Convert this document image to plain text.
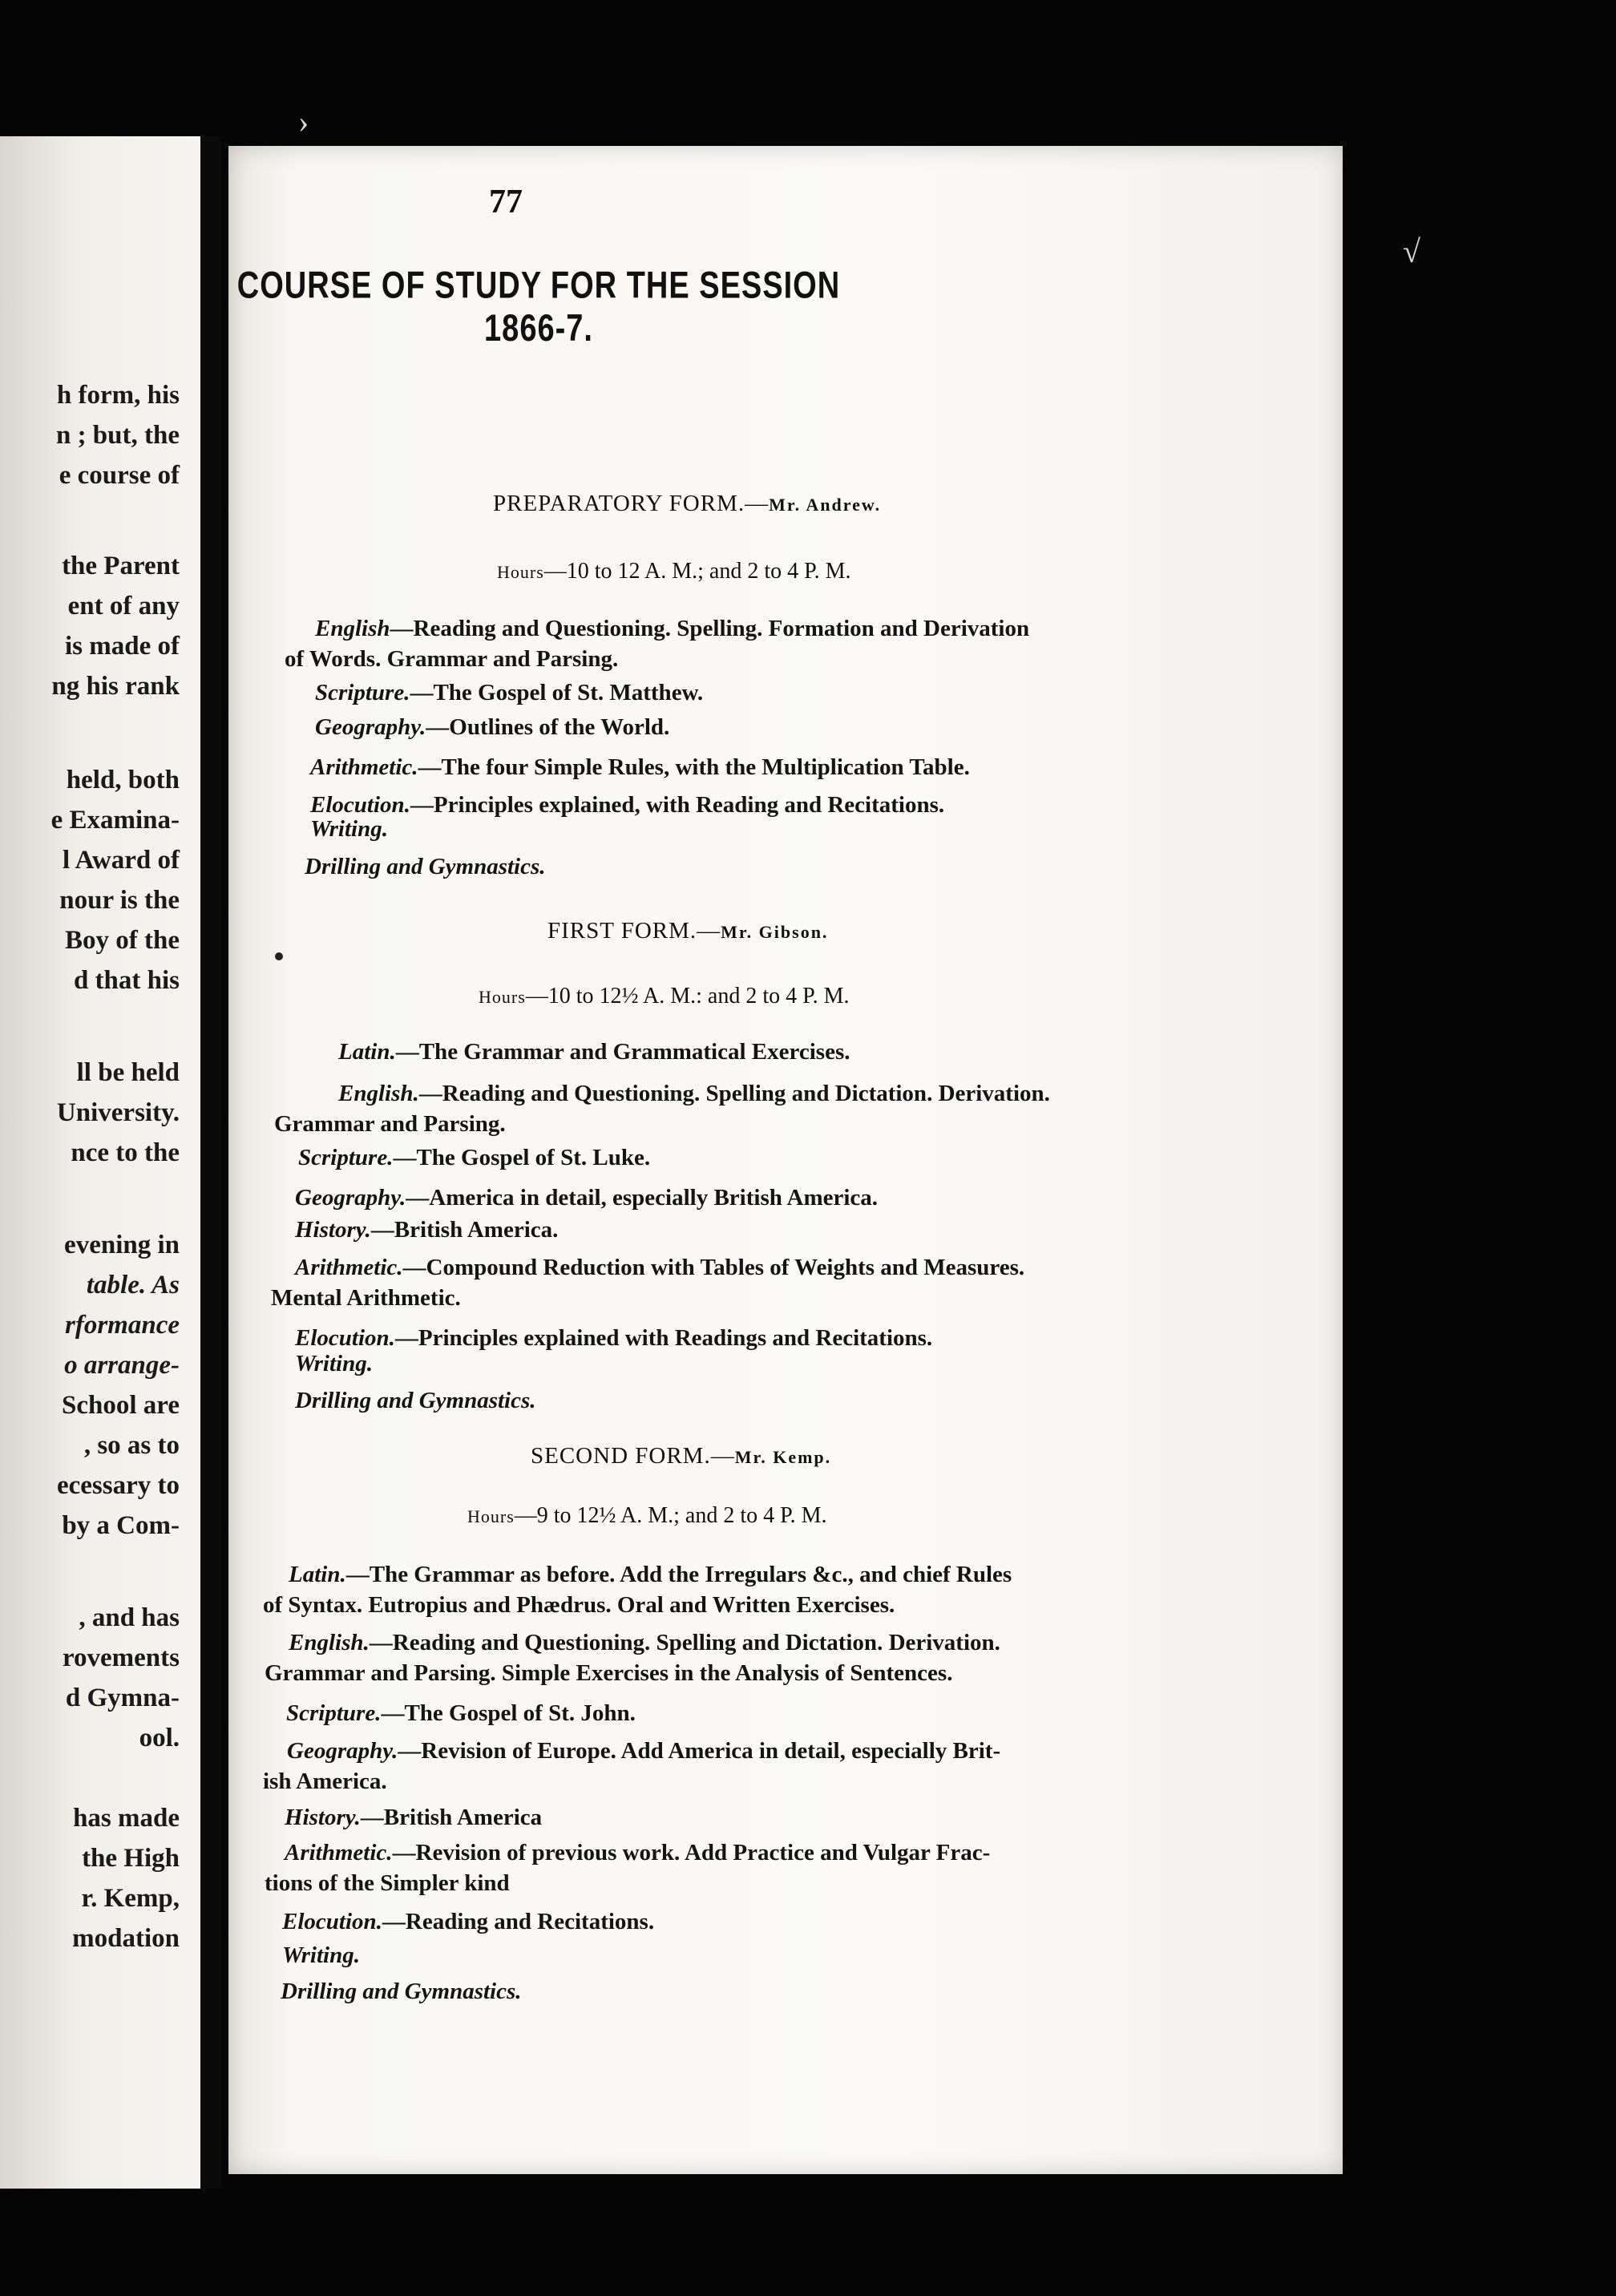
h form, his
n ; but, the
e course of
the Parent
ent of any
is made of
ng his rank
held, both
e Examina-
l Award of
nour is the
Boy of the
d that his
ll be held
University.
nce to the
evening in
table. As
rformance
o arrange-
School are
, so as to
ecessary to
by a Com-
, and has
rovements
d Gymna-
ool.
has made
the High
r. Kemp,
modation
›
√
77
COURSE OF STUDY FOR THE SESSION 1866-7.
PREPARATORY FORM.—Mr. Andrew.
Hours—10 to 12 A. M.; and 2 to 4 P. M.
English—Reading and Questioning. Spelling. Formation and Derivation
of Words. Grammar and Parsing.
Scripture.—The Gospel of St. Matthew.
Geography.—Outlines of the World.
Arithmetic.—The four Simple Rules, with the Multiplication Table.
Elocution.—Principles explained, with Reading and Recitations.
Writing.
Drilling and Gymnastics.
FIRST FORM.—Mr. Gibson.
Hours—10 to 12½ A. M.: and 2 to 4 P. M.
Latin.—The Grammar and Grammatical Exercises.
English.—Reading and Questioning. Spelling and Dictation. Derivation.
Grammar and Parsing.
Scripture.—The Gospel of St. Luke.
Geography.—America in detail, especially British America.
History.—British America.
Arithmetic.—Compound Reduction with Tables of Weights and Measures.
Mental Arithmetic.
Elocution.—Principles explained with Readings and Recitations.
Writing.
Drilling and Gymnastics.
SECOND FORM.—Mr. Kemp.
Hours—9 to 12½ A. M.; and 2 to 4 P. M.
Latin.—The Grammar as before. Add the Irregulars &c., and chief Rules
of Syntax. Eutropius and Phædrus. Oral and Written Exercises.
English.—Reading and Questioning. Spelling and Dictation. Derivation.
Grammar and Parsing. Simple Exercises in the Analysis of Sentences.
Scripture.—The Gospel of St. John.
Geography.—Revision of Europe. Add America in detail, especially Brit-
ish America.
History.—British America
Arithmetic.—Revision of previous work. Add Practice and Vulgar Frac-
tions of the Simpler kind
Elocution.—Reading and Recitations.
Writing.
Drilling and Gymnastics.
